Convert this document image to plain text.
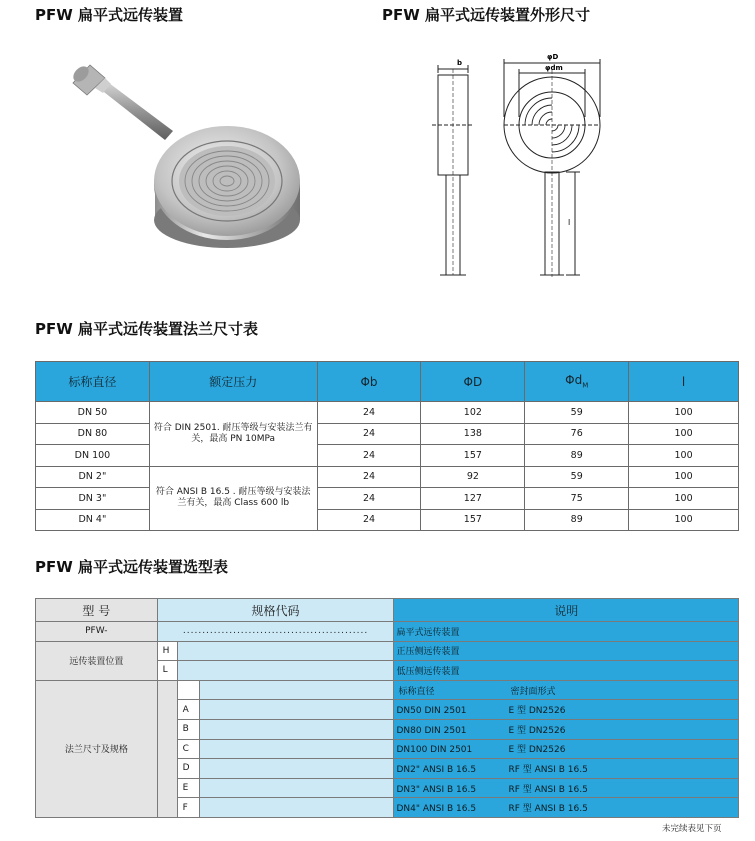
PFW 扁平式远传装置	PFW 扁平式远传装置外形尺寸
b
φD
φdm
l
PFW 扁平式远传装置法兰尺寸表
标称直径	额定压力	Φb	ΦD	$\Phi d_M$	l
DN 50	符合 DIN 2501. 耐压等级与安装法兰有关，最高 PN 10MPa	24	102	59	100
DN 80		24	138	76	100
DN 100		24	157	89	100
DN 2"	符合 ANSI B 16.5 . 耐压等级与安装法兰有关，最高 Class 600 lb	24	92	59	100
DN 3"		24	127	75	100
DN 4"		24	157	89	100
PFW 扁平式远传装置选型表
型 号	规格代码			说明
PFW-	................................................			扁平式远传装置
远传装置位置	H			正压侧远传装置
	L			低压侧远传装置
法兰尺寸及规格				标称直径 密封面形式
		A		DN50 DIN 2501 E 型 DN2526
		B		DN80 DIN 2501 E 型 DN2526
		C		DN100 DIN 2501 E 型 DN2526
		D		DN2" ANSI B 16.5 RF 型 ANSI B 16.5
		E		DN3" ANSI B 16.5 RF 型 ANSI B 16.5
		F		DN4" ANSI B 16.5 RF 型 ANSI B 16.5
未完续表见下页
